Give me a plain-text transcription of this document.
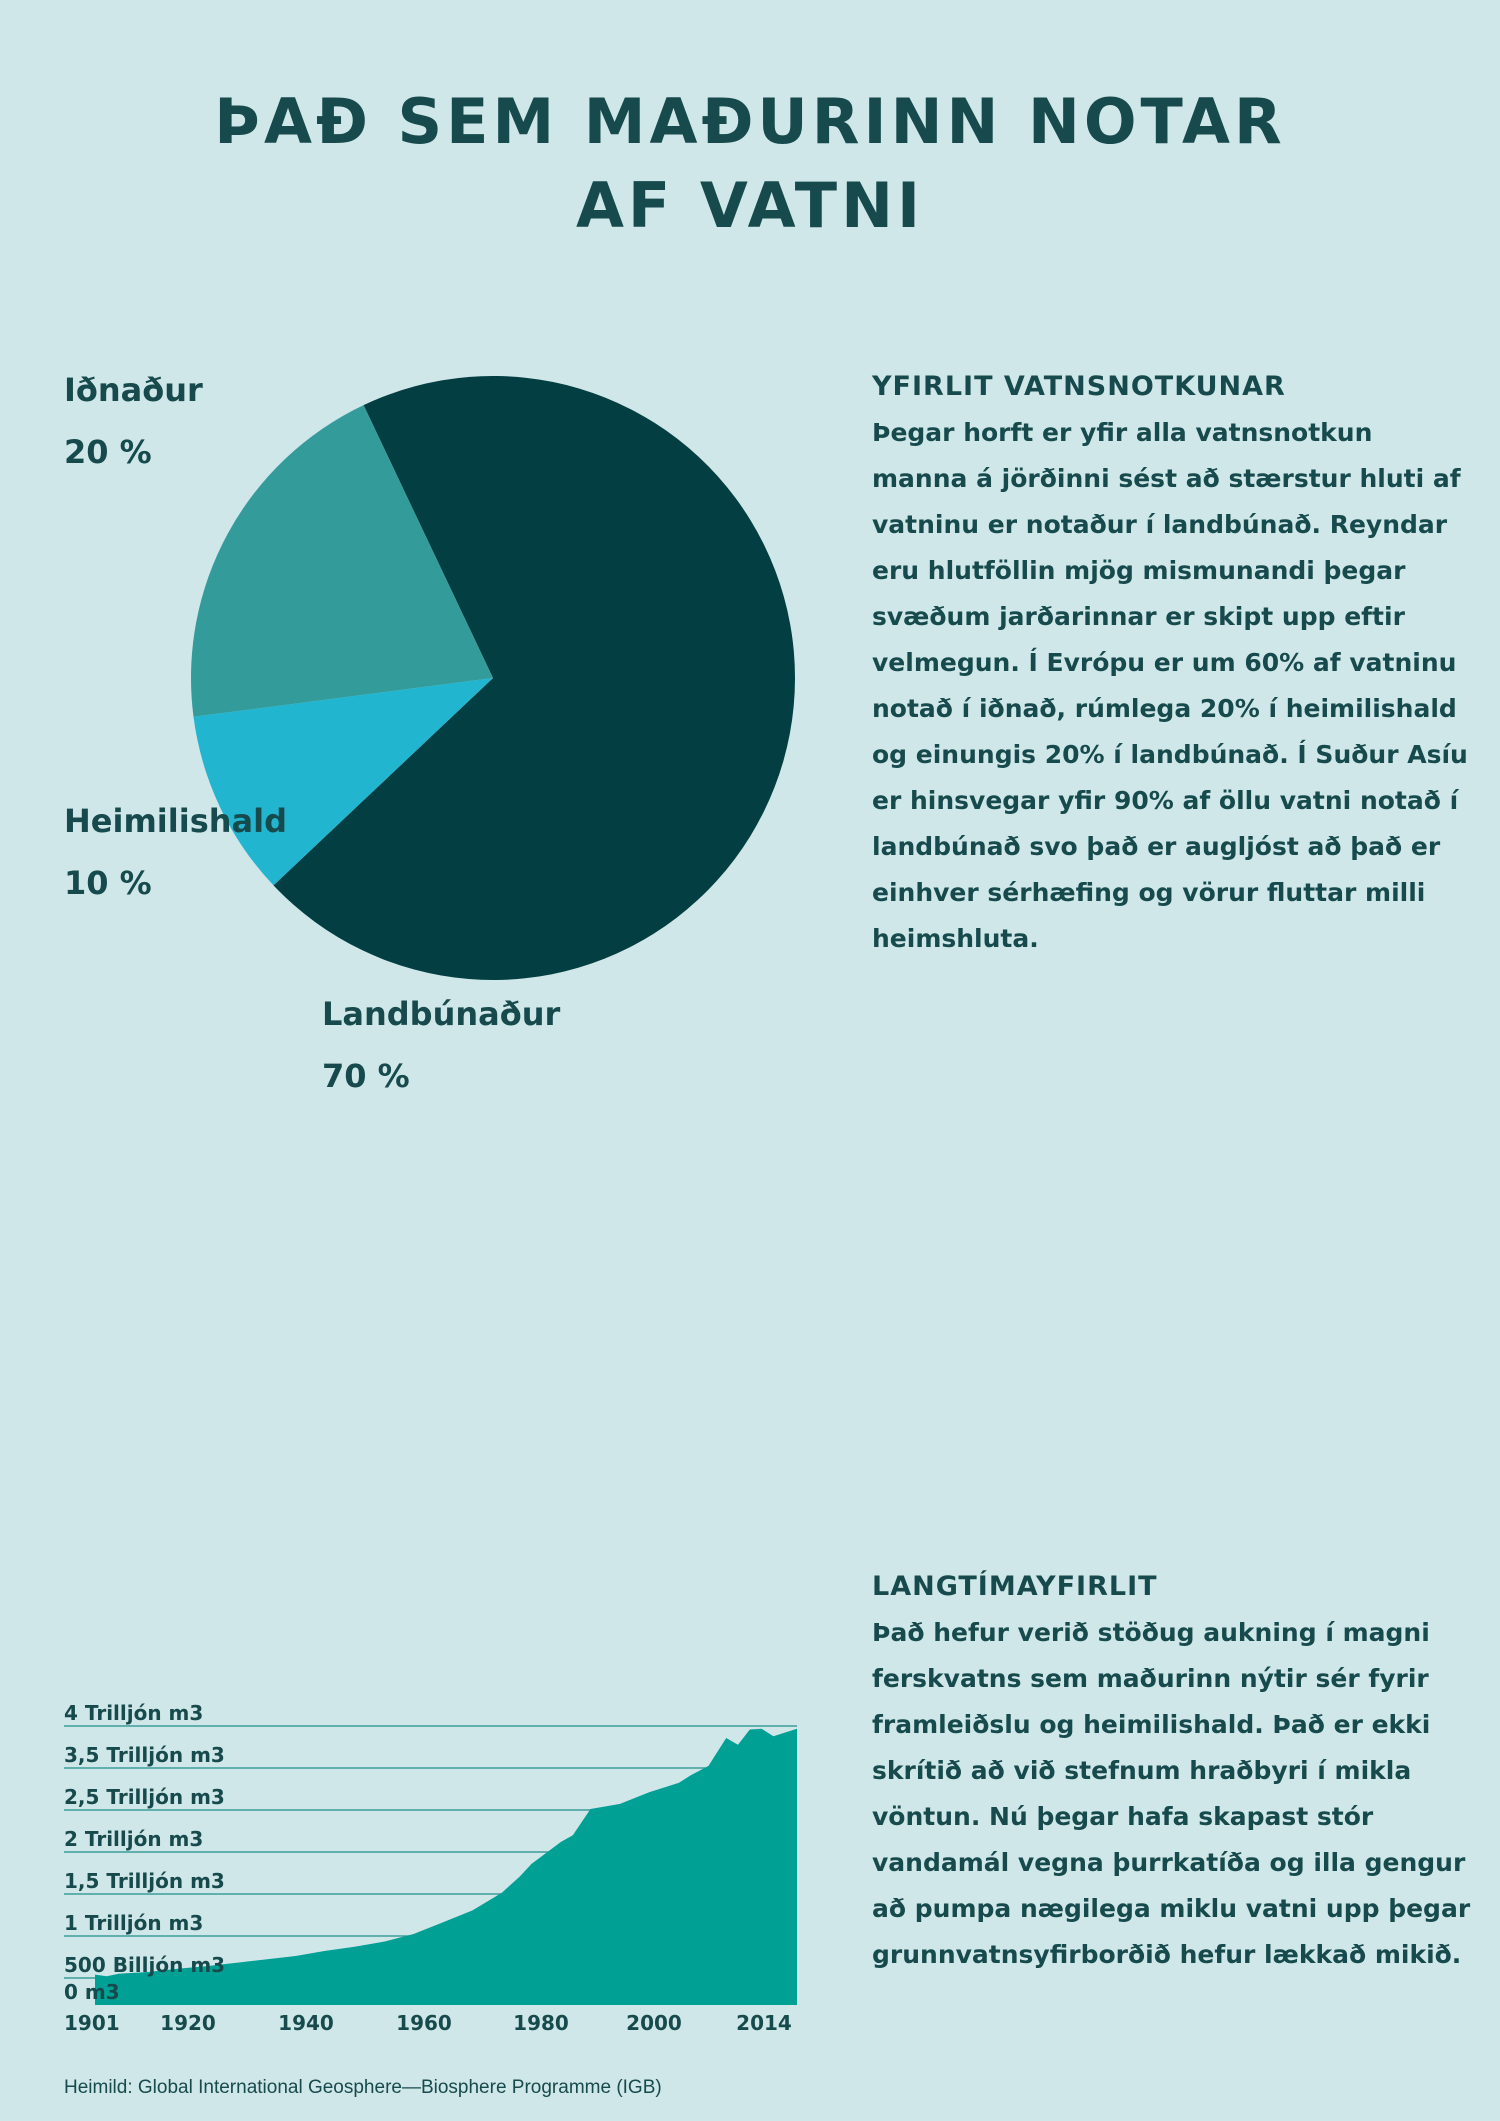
ÞAÐ SEM MAÐURINN NOTAR
AF VATNI
Iðnaður
20 %
Heimilishald
10 %
Landbúnaður
70 %
YFIRLIT VATNSNOTKUNAR

Þegar horft er yfir alla vatnsnotkun manna á jörðinni sést að stærstur hluti af vatninu er notaður í landbúnað. Reyndar eru hlutföllin mjög mismunandi þegar svæðum jarðarinnar er skipt upp eftir velmegun. Í Evrópu er um 60% af vatninu notað í iðnað, rúmlega 20% í heimilishald og einungis 20% í landbúnað. Í Suður Asíu er hinsvegar yfir 90% af öllu vatni notað í landbúnað svo það er augljóst að það er einhver sérhæfing og vörur fluttar milli heimshluta.

0 m3
500 Billjón m3
1 Trilljón m3
1,5 Trilljón m3
2 Trilljón m3
2,5 Trilljón m3
3,5 Trilljón m3
4 Trilljón m3
1901 1920	1940	1960	1980	2000	2014
LANGTÍMAYFIRLIT

Það hefur verið stöðug aukning í magni ferskvatns sem maðurinn nýtir sér fyrir framleiðslu og heimilishald. Það er ekki skrítið að við stefnum hraðbyri í mikla vöntun. Nú þegar hafa skapast stór vandamál vegna þurrkatíða og illa gengur að pumpa nægilega miklu vatni upp þegar grunnvatnsyfirborðið hefur lækkað mikið.

Heimild: Global International Geosphere—Biosphere Programme (IGB)
